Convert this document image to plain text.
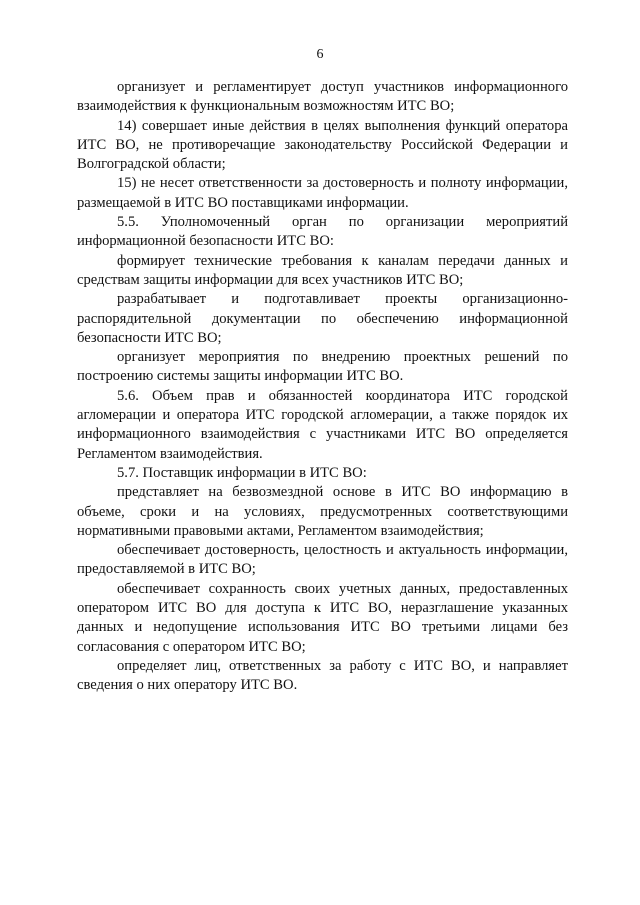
6

организует и регламентирует доступ участников информационного взаимодействия к функциональным возможностям ИТС ВО;

14) совершает иные действия в целях выполнения функций оператора ИТС ВО, не противоречащие законодательству Российской Федерации и Волгоградской области;

15) не несет ответственности за достоверность и полноту информации, размещаемой в ИТС ВО поставщиками информации.

5.5. Уполномоченный орган по организации мероприятий информационной безопасности ИТС ВО:

формирует технические требования к каналам передачи данных и средствам защиты информации для всех участников ИТС ВО;

разрабатывает и подготавливает проекты организационно-распорядительной документации по обеспечению информационной безопасности ИТС ВО;

организует мероприятия по внедрению проектных решений по построению системы защиты информации ИТС ВО.

5.6. Объем прав и обязанностей координатора ИТС городской агломерации и оператора ИТС городской агломерации, а также порядок их информационного взаимодействия с участниками ИТС ВО определяется Регламентом взаимодействия.

5.7. Поставщик информации в ИТС ВО:

представляет на безвозмездной основе в ИТС ВО информацию в объеме, сроки и на условиях, предусмотренных соответствующими нормативными правовыми актами, Регламентом взаимодействия;

обеспечивает достоверность, целостность и актуальность информации, предоставляемой в ИТС ВО;

обеспечивает сохранность своих учетных данных, предоставленных оператором ИТС ВО для доступа к ИТС ВО, неразглашение указанных данных и недопущение использования ИТС ВО третьими лицами без согласования с оператором ИТС ВО;

определяет лиц, ответственных за работу с ИТС ВО, и направляет сведения о них оператору ИТС ВО.
